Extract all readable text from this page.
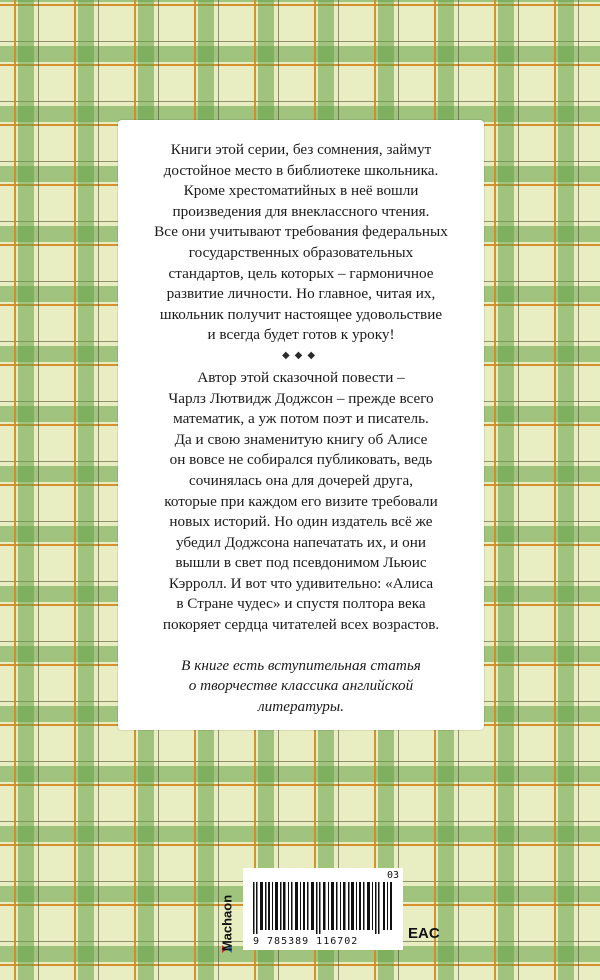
Книги этой серии, без сомнения, займут
достойное место в библиотеке школьника.
Кроме хрестоматийных в неё вошли
произведения для внеклассного чтения.
Все они учитывают требования федеральных
государственных образовательных
стандартов, цель которых – гармоничное
развитие личности. Но главное, читая их,
школьник получит настоящее удовольствие
и всегда будет готов к уроку!

◆◆◆

Автор этой сказочной повести –
Чарлз Лютвидж Доджсон – прежде всего
математик, а уж потом поэт и писатель.
Да и свою знаменитую книгу об Алисе
он вовсе не собирался публиковать, ведь
сочинялась она для дочерей друга,
которые при каждом его визите требовали
новых историй. Но один издатель всё же
убедил Доджсона напечатать их, и они
вышли в свет под псевдонимом Льюис
Кэрролл. И вот что удивительно: «Алиса
в Стране чудес» и спустя полтора века
покоряет сердца читателей всех возрастов.

В книге есть вступительная статья
о творчестве классика английской
литературы.

Machaon
03
9 785389 116702	EAC
